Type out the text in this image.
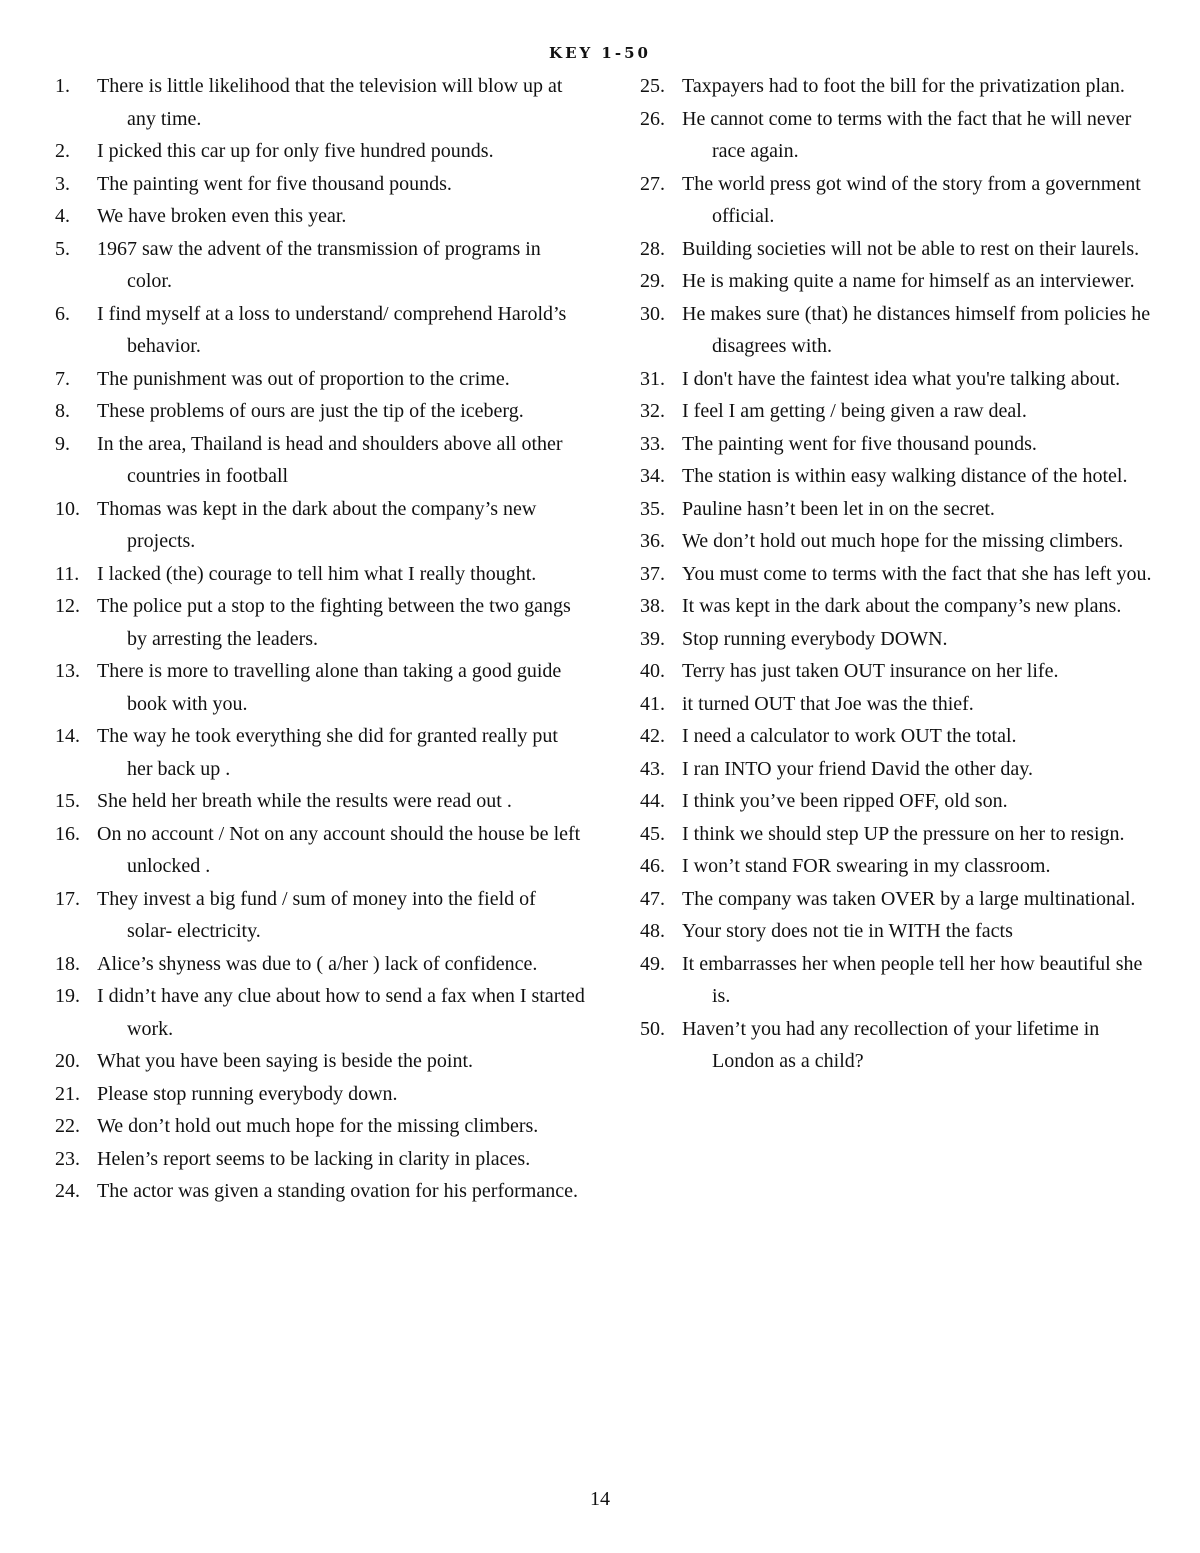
KEY 1-50
1. There is little likelihood that the television will blow up at any time.
2. I picked this car up for only five hundred pounds.
3. The painting went for five thousand pounds.
4. We have broken even this year.
5. 1967 saw the advent of the transmission of programs in color.
6. I find myself at a loss to understand/ comprehend Harold’s behavior.
7. The punishment was out of proportion to the crime.
8. These problems of ours are just the tip of the iceberg.
9. In the area, Thailand is head and shoulders above all other countries in football
10. Thomas was kept in the dark about the company’s new projects.
11. I lacked (the) courage to tell him what I really thought.
12. The police put a stop to the fighting between the two gangs by arresting the leaders.
13. There is more to travelling alone than taking a good guide book with you.
14. The way he took everything she did for granted really put her back up .
15. She held her breath while the results were read out .
16. On no account / Not on any account should the house be left unlocked .
17. They invest a big fund / sum of money into the field of solar- electricity.
18. Alice’s shyness was due to ( a/her ) lack of confidence.
19. I didn’t have any clue about how to send a fax when I started work.
20. What you have been saying is beside the point.
21. Please stop running everybody down.
22. We don’t hold out much hope for the missing climbers.
23. Helen’s report seems to be lacking in clarity in places.
24. The actor was given a standing ovation for his performance.
25. Taxpayers had to foot the bill for the privatization plan.
26. He cannot come to terms with the fact that he will never race again.
27. The world press got wind of the story from a government official.
28. Building societies will not be able to rest on their laurels.
29. He is making quite a name for himself as an interviewer.
30. He makes sure (that) he distances himself from policies he disagrees with.
31. I don't have the faintest idea what you're talking about.
32. I feel I am getting / being given a raw deal.
33. The painting went for five thousand pounds.
34. The station is within easy walking distance of the hotel.
35. Pauline hasn’t been let in on the secret.
36. We don’t hold out much hope for the missing climbers.
37. You must come to terms with the fact that she has left you.
38. It was kept in the dark about the company’s new plans.
39. Stop running everybody DOWN.
40. Terry has just taken OUT insurance on her life.
41. it turned OUT that Joe was the thief.
42. I need a calculator to work OUT the total.
43. I ran INTO your friend David the other day.
44. I think you’ve been ripped OFF, old son.
45. I think we should step UP the pressure on her to resign.
46. I won’t stand FOR swearing in my classroom.
47. The company was taken OVER by a large multinational.
48. Your story does not tie in WITH the facts
49. It embarrasses her when people tell her how beautiful she is.
50. Haven’t you had any recollection of your lifetime in London as a child?
14
